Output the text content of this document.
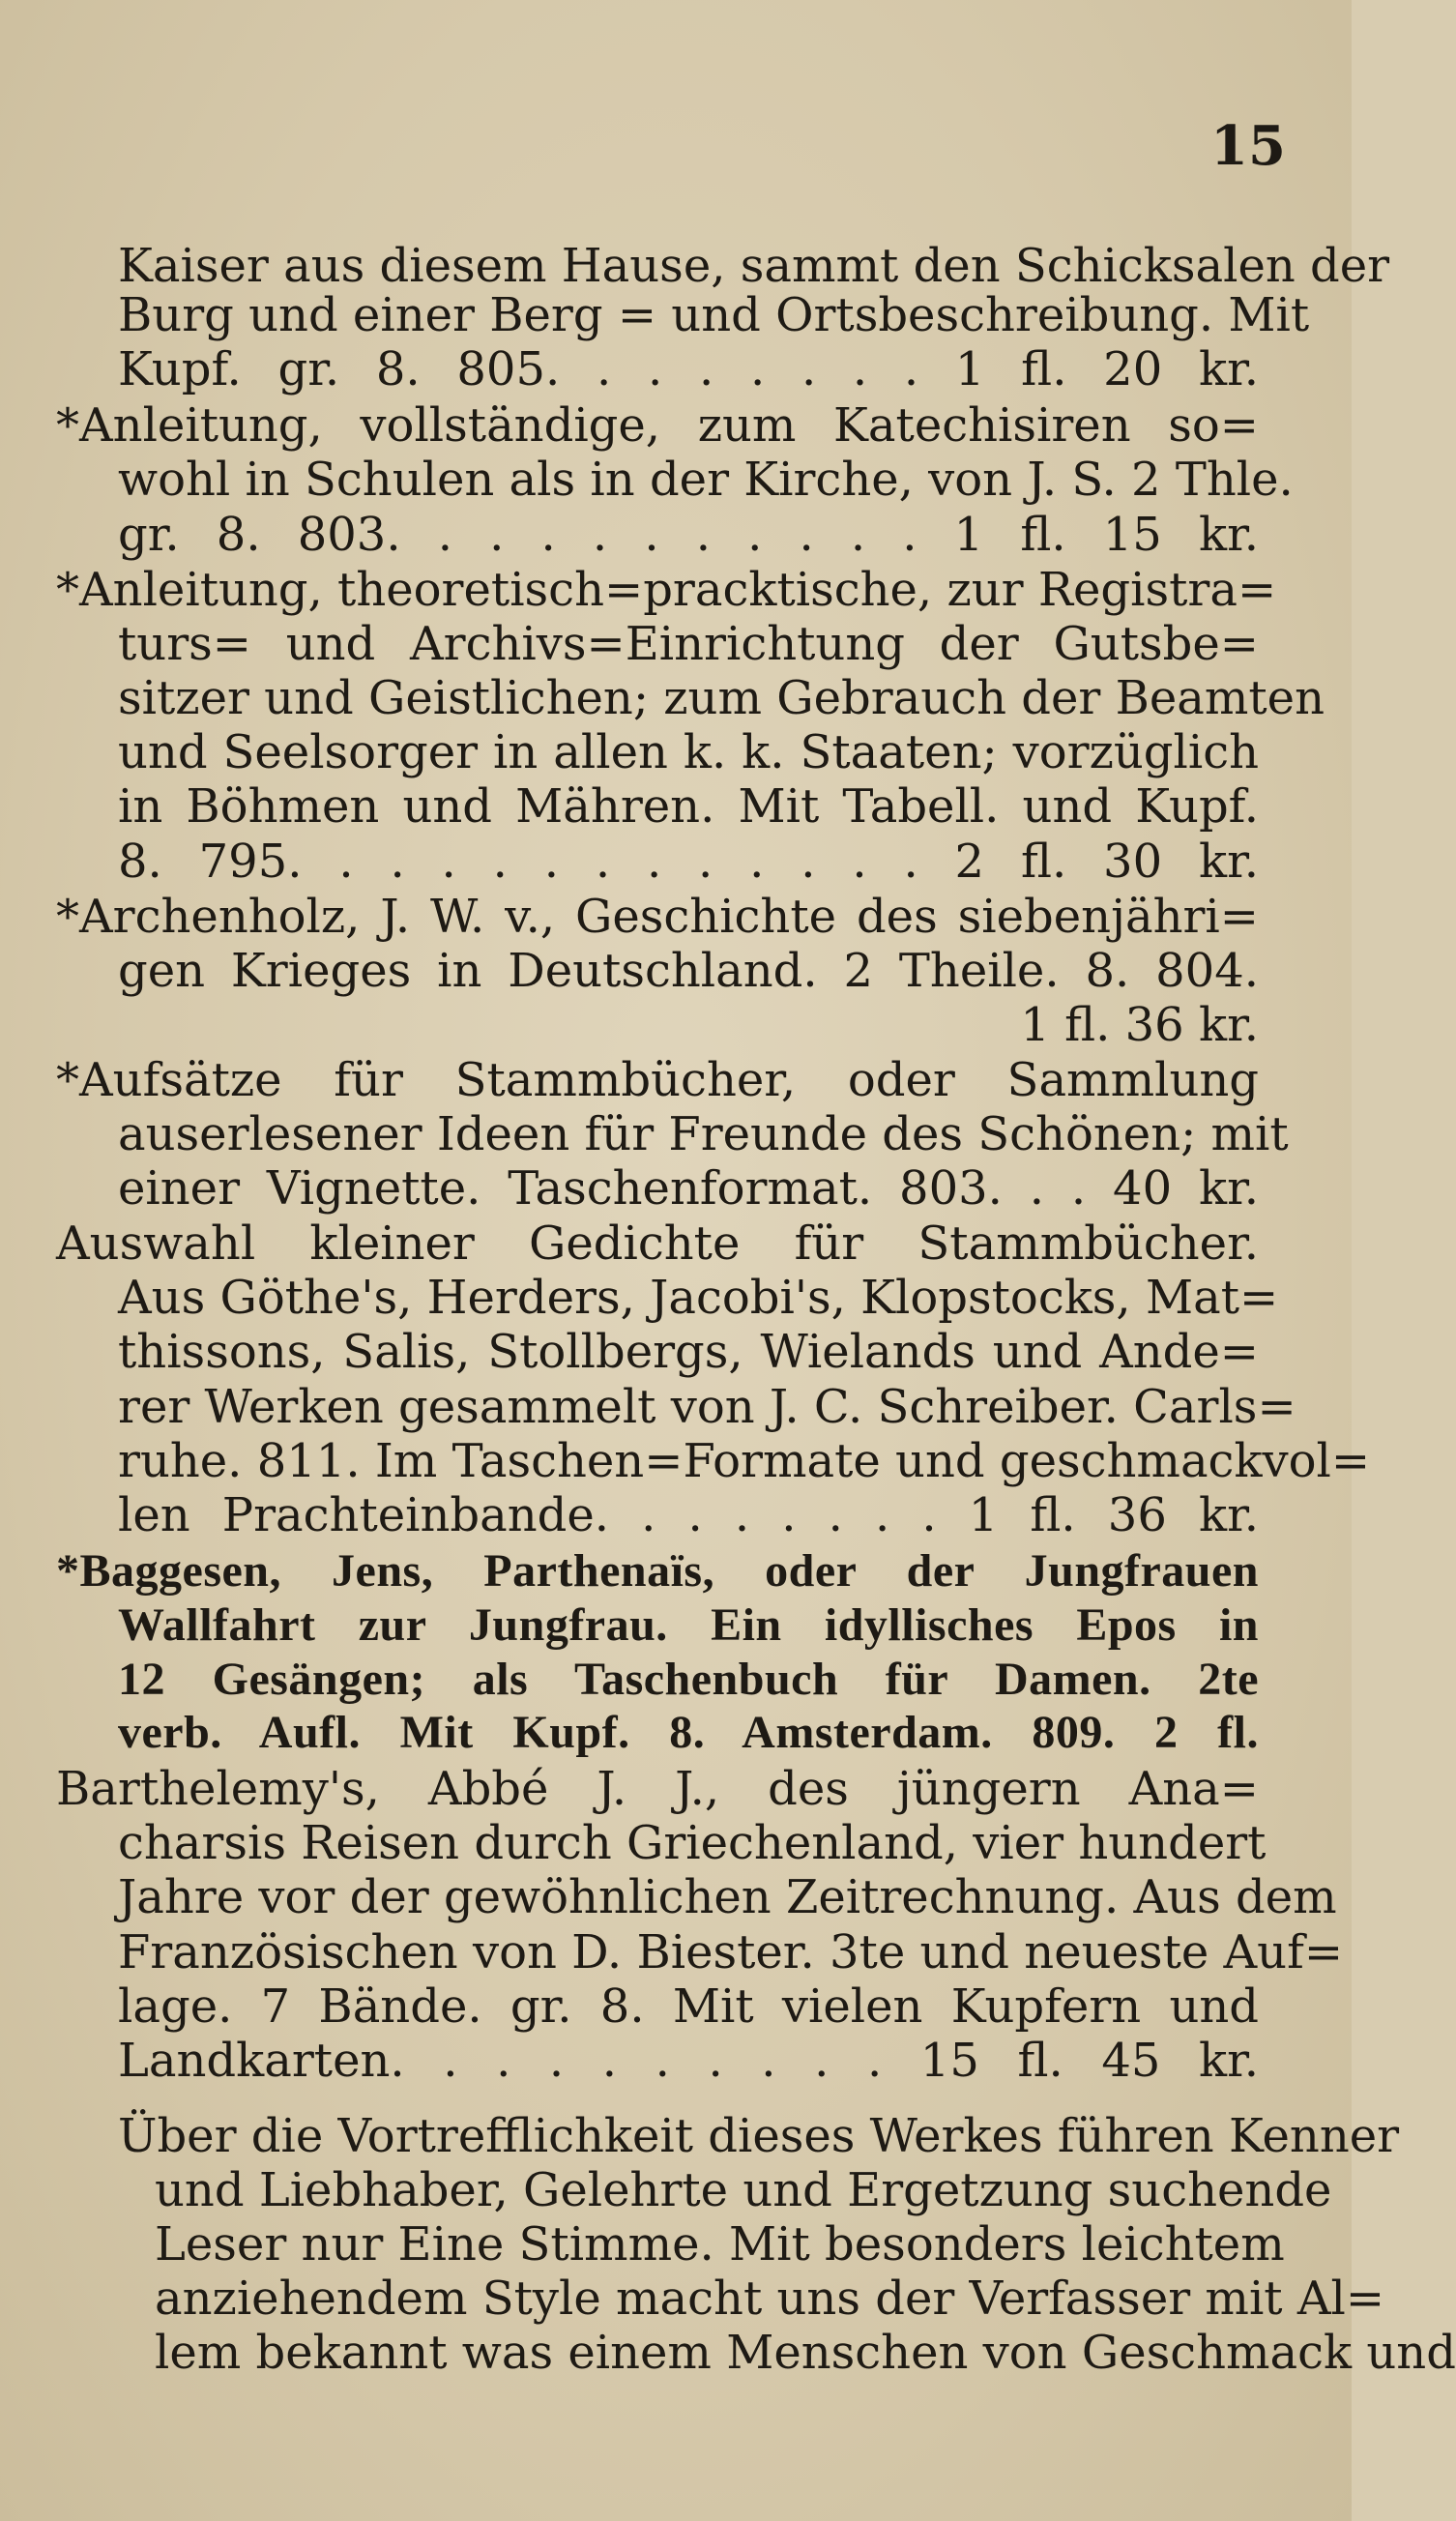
15
Kaiser aus diesem Hause, sammt den Schicksalen der
Burg und einer Berg = und Ortsbeschreibung. Mit
Kupf. gr. 8. 805. . . . . . . . 1 fl. 20 kr.
*Anleitung, vollständige, zum Katechisiren so=
wohl in Schulen als in der Kirche, von J. S. 2 Thle.
gr. 8. 803. . . . . . . . . . . 1 fl. 15 kr.
*Anleitung, theoretisch=pracktische, zur Registra=
turs= und Archivs=Einrichtung der Gutsbe=
sitzer und Geistlichen; zum Gebrauch der Beamten
und Seelsorger in allen k. k. Staaten; vorzüglich
in Böhmen und Mähren. Mit Tabell. und Kupf.
8. 795. . . . . . . . . . . . . 2 fl. 30 kr.
*Archenholz, J. W. v., Geschichte des siebenjähri=
gen Krieges in Deutschland. 2 Theile. 8. 804.
1 fl. 36 kr.
*Aufsätze für Stammbücher, oder Sammlung
auserlesener Ideen für Freunde des Schönen; mit
einer Vignette. Taschenformat. 803. . . 40 kr.
Auswahl kleiner Gedichte für Stammbücher.
Aus Göthe's, Herders, Jacobi's, Klopstocks, Mat=
thissons, Salis, Stollbergs, Wielands und Ande=
rer Werken gesammelt von J. C. Schreiber. Carls=
ruhe. 811. Im Taschen=Formate und geschmackvol=
len Prachteinbande. . . . . . . . 1 fl. 36 kr.
*Baggesen, Jens, Parthenaïs, oder der Jungfrauen
Wallfahrt zur Jungfrau. Ein idyllisches Epos in
12 Gesängen; als Taschenbuch für Damen. 2te
verb. Aufl. Mit Kupf. 8. Amsterdam. 809. 2 fl.
Barthelemy's, Abbé J. J., des jüngern Ana=
charsis Reisen durch Griechenland, vier hundert
Jahre vor der gewöhnlichen Zeitrechnung. Aus dem
Französischen von D. Biester. 3te und neueste Auf=
lage. 7 Bände. gr. 8. Mit vielen Kupfern und
Landkarten. . . . . . . . . . 15 fl. 45 kr.
Über die Vortrefflichkeit dieses Werkes führen Kenner
und Liebhaber, Gelehrte und Ergetzung suchende
Leser nur Eine Stimme. Mit besonders leichtem
anziehendem Style macht uns der Verfasser mit Al=
lem bekannt was einem Menschen von Geschmack und
